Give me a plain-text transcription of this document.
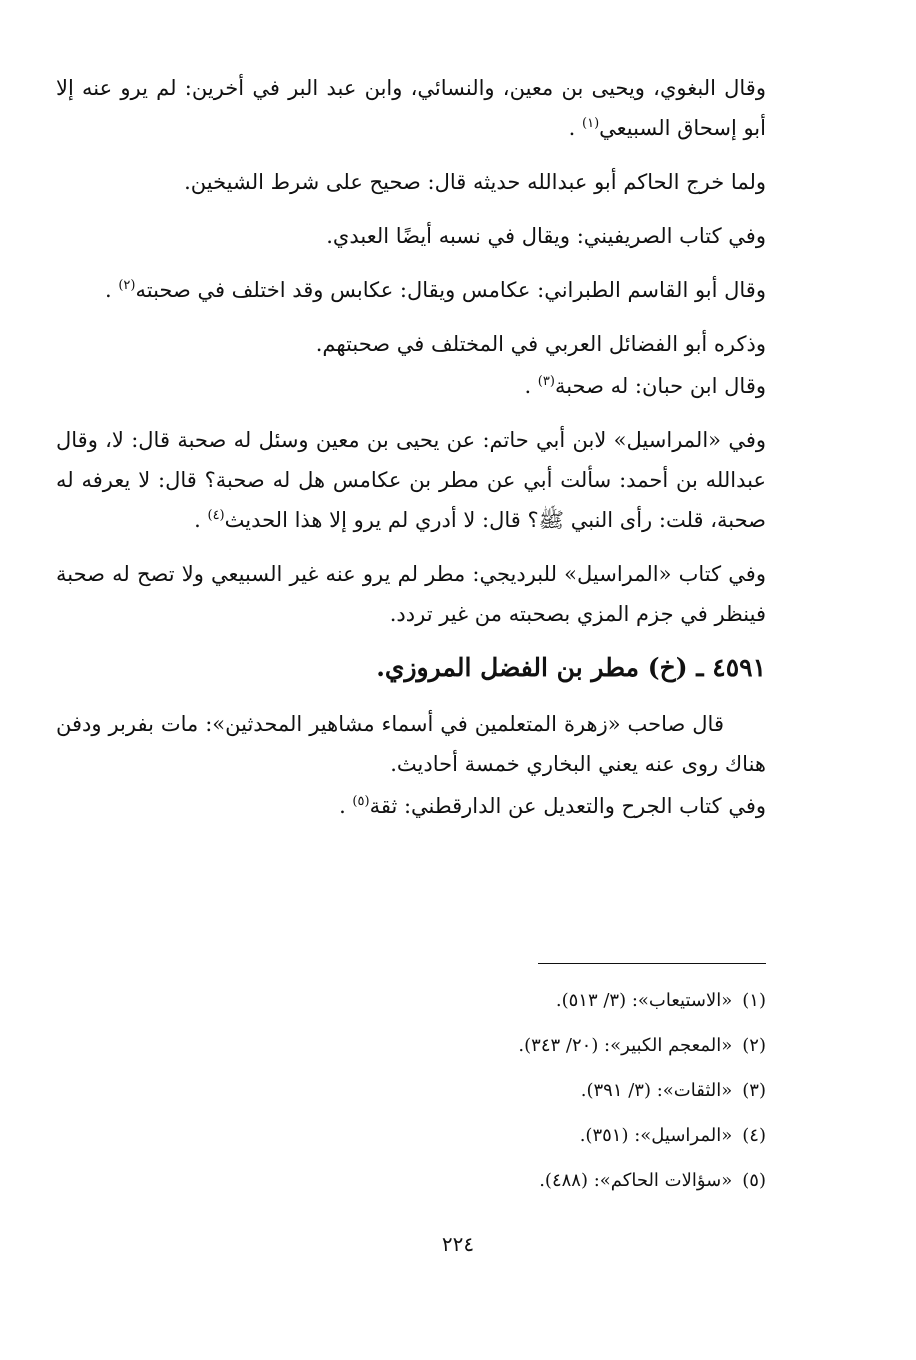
وقال البغوي، ويحيى بن معين، والنسائي، وابن عبد البر في أخرين: لم يرو عنه إلا أبو إسحاق السبيعي$^{(١)}$ .

ولما خرج الحاكم أبو عبدالله حديثه قال: صحيح على شرط الشيخين.

وفي كتاب الصريفيني: ويقال في نسبه أيضًا العبدي.

وقال أبو القاسم الطبراني: عكامس ويقال: عكابس وقد اختلف في صحبته$^{(٢)}$ .

وذكره أبو الفضائل العربي في المختلف في صحبتهم.

وقال ابن حبان: له صحبة$^{(٣)}$ .

وفي «المراسيل» لابن أبي حاتم: عن يحيى بن معين وسئل له صحبة قال: لا، وقال عبدالله بن أحمد: سألت أبي عن مطر بن عكامس هل له صحبة؟ قال: لا يعرفه له صحبة، قلت: رأى النبي ﷺ؟ قال: لا أدري لم يرو إلا هذا الحديث$^{(٤)}$ .

وفي كتاب «المراسيل» للبرديجي: مطر لم يرو عنه غير السبيعي ولا تصح له صحبة فينظر في جزم المزي بصحبته من غير تردد.

٤٥٩١ ـ (خ) مطر بن الفضل المروزي.

قال صاحب «زهرة المتعلمين في أسماء مشاهير المحدثين»: مات بفربر ودفن هناك روى عنه يعني البخاري خمسة أحاديث.

وفي كتاب الجرح والتعديل عن الدارقطني: ثقة$^{(٥)}$ .

(١)«الاستيعاب»: (٣/ ٥١٣).

(٢)«المعجم الكبير»: (٢٠/ ٣٤٣).

(٣)«الثقات»: (٣/ ٣٩١).

(٤)«المراسيل»: (٣٥١).

(٥)«سؤالات الحاكم»: (٤٨٨).

٢٢٤
